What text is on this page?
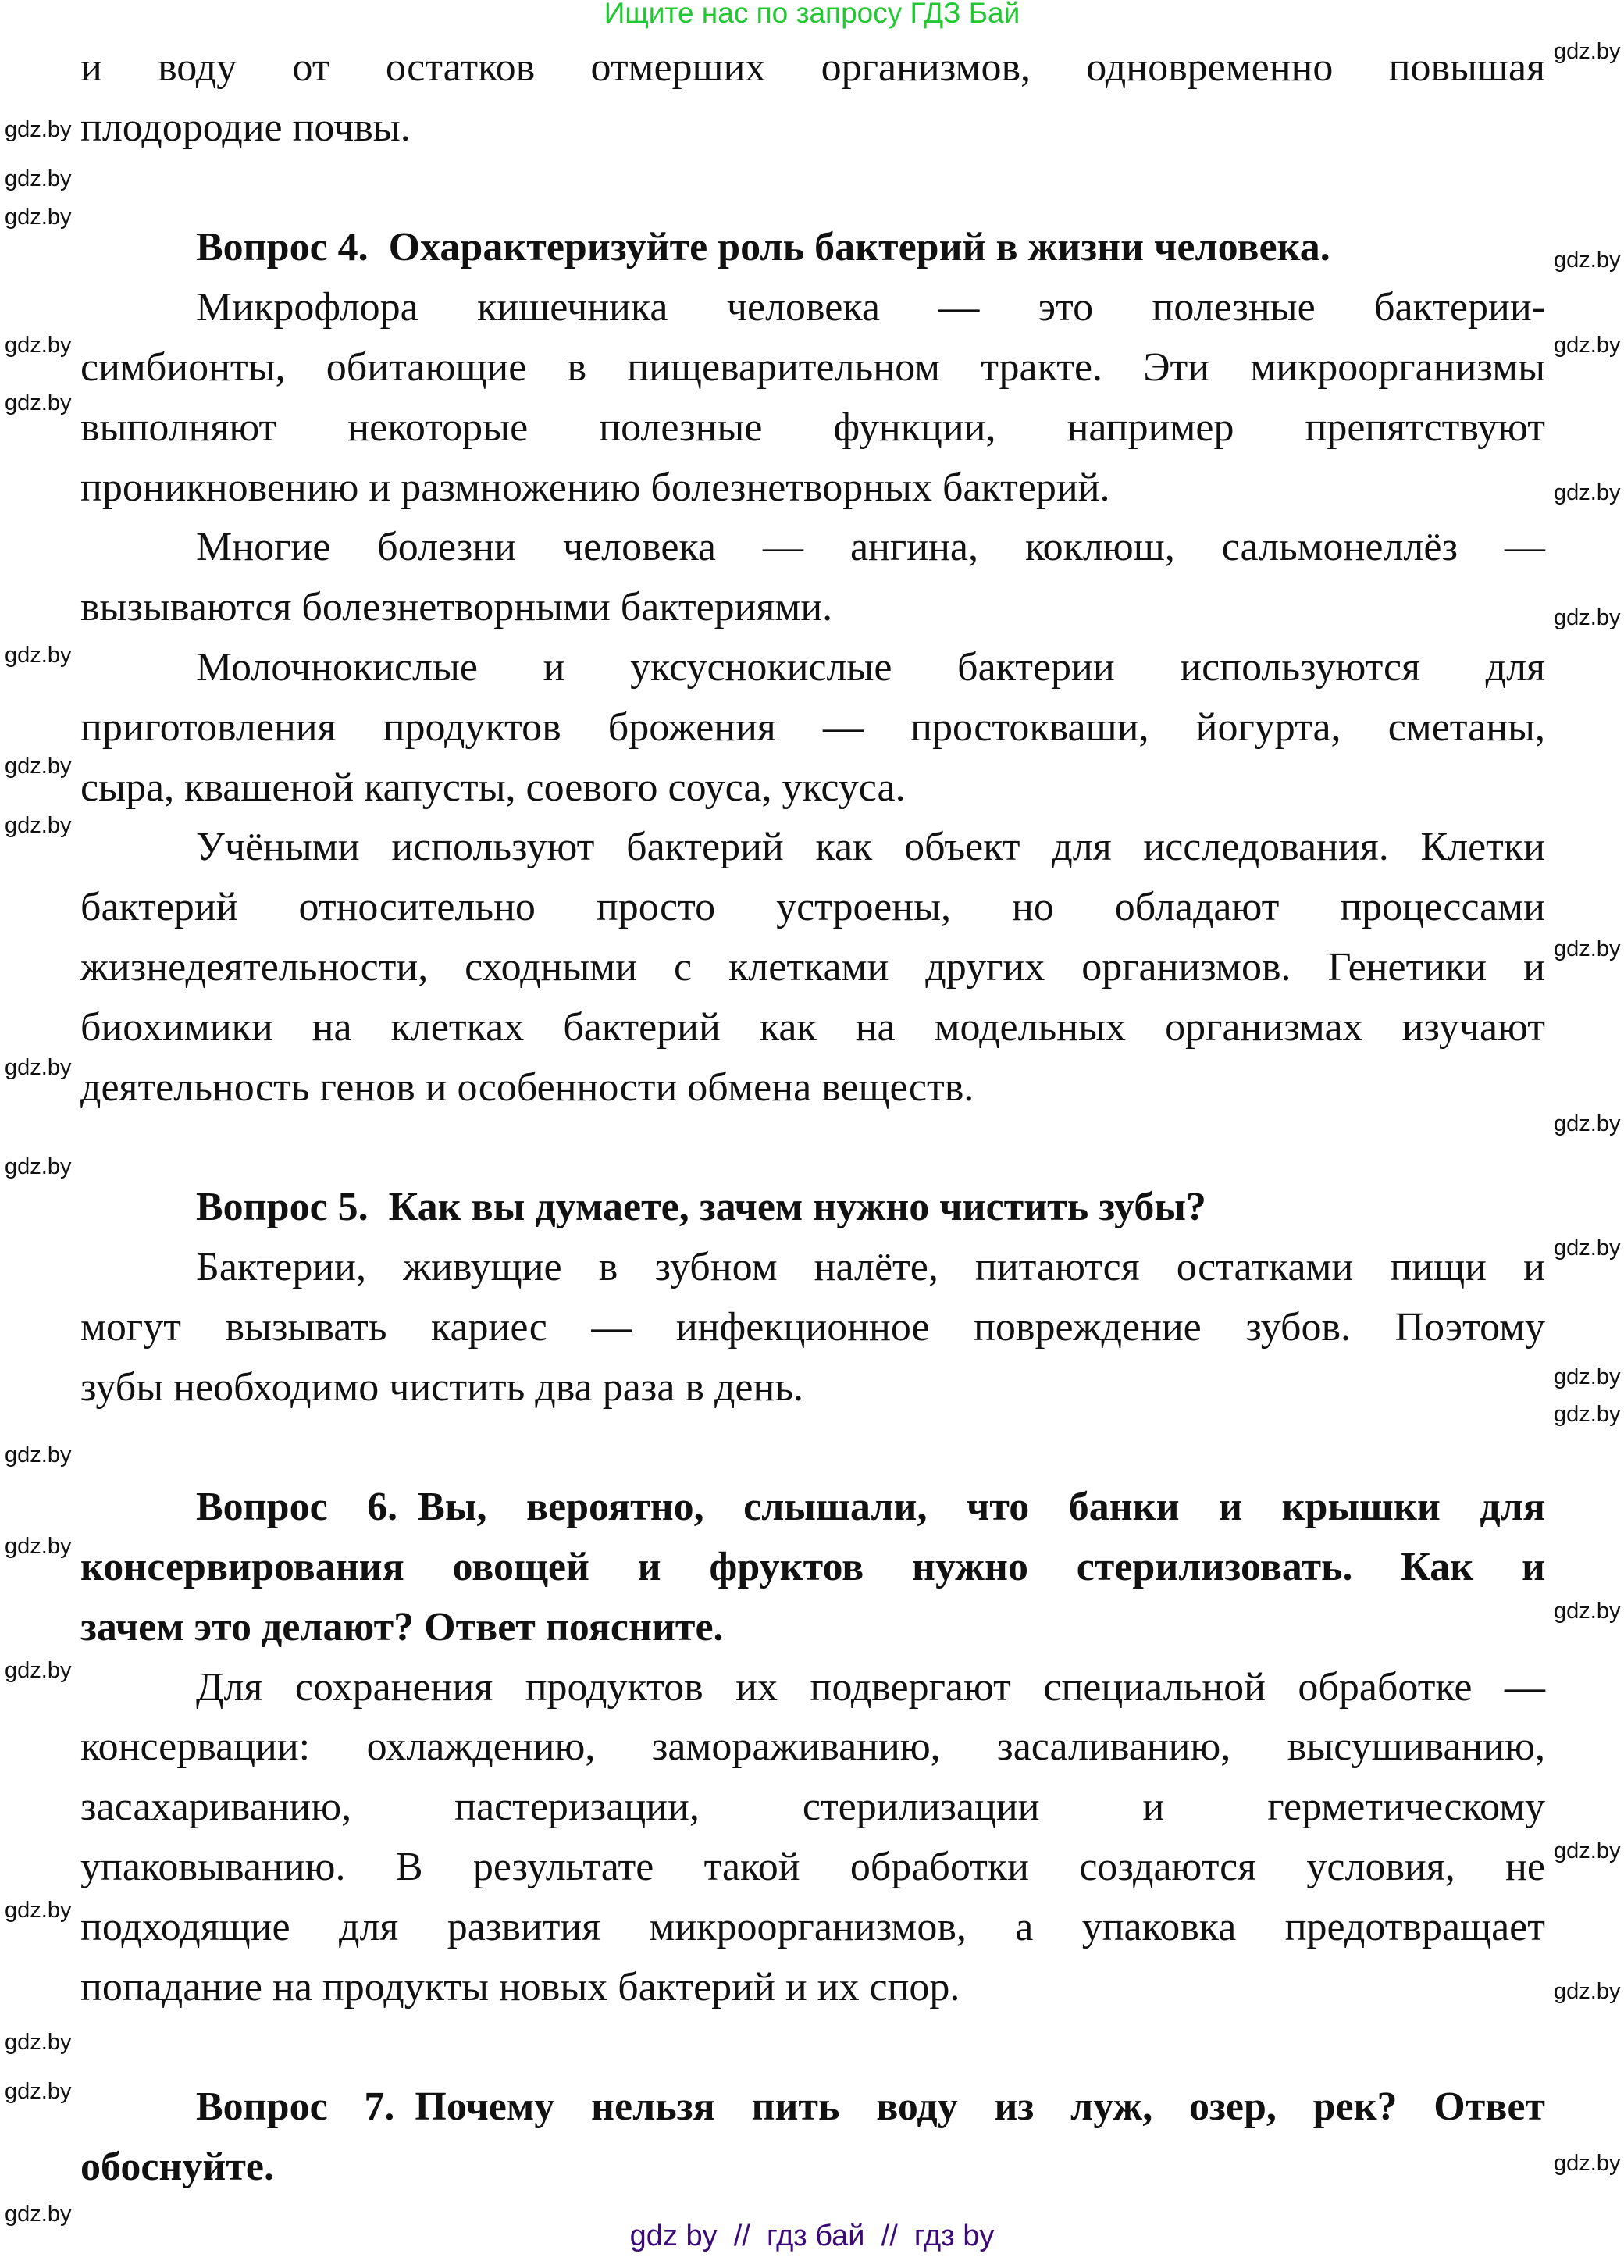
Ищите нас по запросу ГДЗ Бай
и воду от остатков отмерших организмов, одновременно повышая
плодородие почвы.
Вопрос 4. Охарактеризуйте роль бактерий в жизни человека.
Микрофлора кишечника человека — это полезные бактерии-
симбионты, обитающие в пищеварительном тракте. Эти микроорганизмы
выполняют некоторые полезные функции, например препятствуют
проникновению и размножению болезнетворных бактерий.
Многие болезни человека — ангина, коклюш, сальмонеллёз —
вызываются болезнетворными бактериями.
Молочнокислые и уксуснокислые бактерии используются для
приготовления продуктов брожения — простокваши, йогурта, сметаны,
сыра, квашеной капусты, соевого соуса, уксуса.
Учёными используют бактерий как объект для исследования. Клетки
бактерий относительно просто устроены, но обладают процессами
жизнедеятельности, сходными с клетками других организмов. Генетики и
биохимики на клетках бактерий как на модельных организмах изучают
деятельность генов и особенности обмена веществ.
Вопрос 5. Как вы думаете, зачем нужно чистить зубы?
Бактерии, живущие в зубном налёте, питаются остатками пищи и
могут вызывать кариес — инфекционное повреждение зубов. Поэтому
зубы необходимо чистить два раза в день.
Вопрос 6. Вы, вероятно, слышали, что банки и крышки для
консервирования овощей и фруктов нужно стерилизовать. Как и
зачем это делают? Ответ поясните.
Для сохранения продуктов их подвергают специальной обработке —
консервации: охлаждению, замораживанию, засаливанию, высушиванию,
засахариванию, пастеризации, стерилизации и герметическому
упаковыванию. В результате такой обработки создаются условия, не
подходящие для развития микроорганизмов, а упаковка предотвращает
попадание на продукты новых бактерий и их спор.
Вопрос 7. Почему нельзя пить воду из луж, озер, рек? Ответ
обоснуйте.
gdz.by
gdz.by
gdz.by
gdz.by
gdz.by
gdz.by
gdz.by
gdz.by
gdz.by
gdz.by
gdz.by
gdz.by
gdz.by
gdz.by
gdz.by
gdz.by
gdz.by
gdz.by
gdz.by
gdz.by
gdz.by
gdz.by
gdz.by
gdz.by
gdz.by
gdz.by
gdz.by
gdz.by
gdz.by
gdz.by
gdz.by
gdz by  //  гдз бай  //  гдз by
